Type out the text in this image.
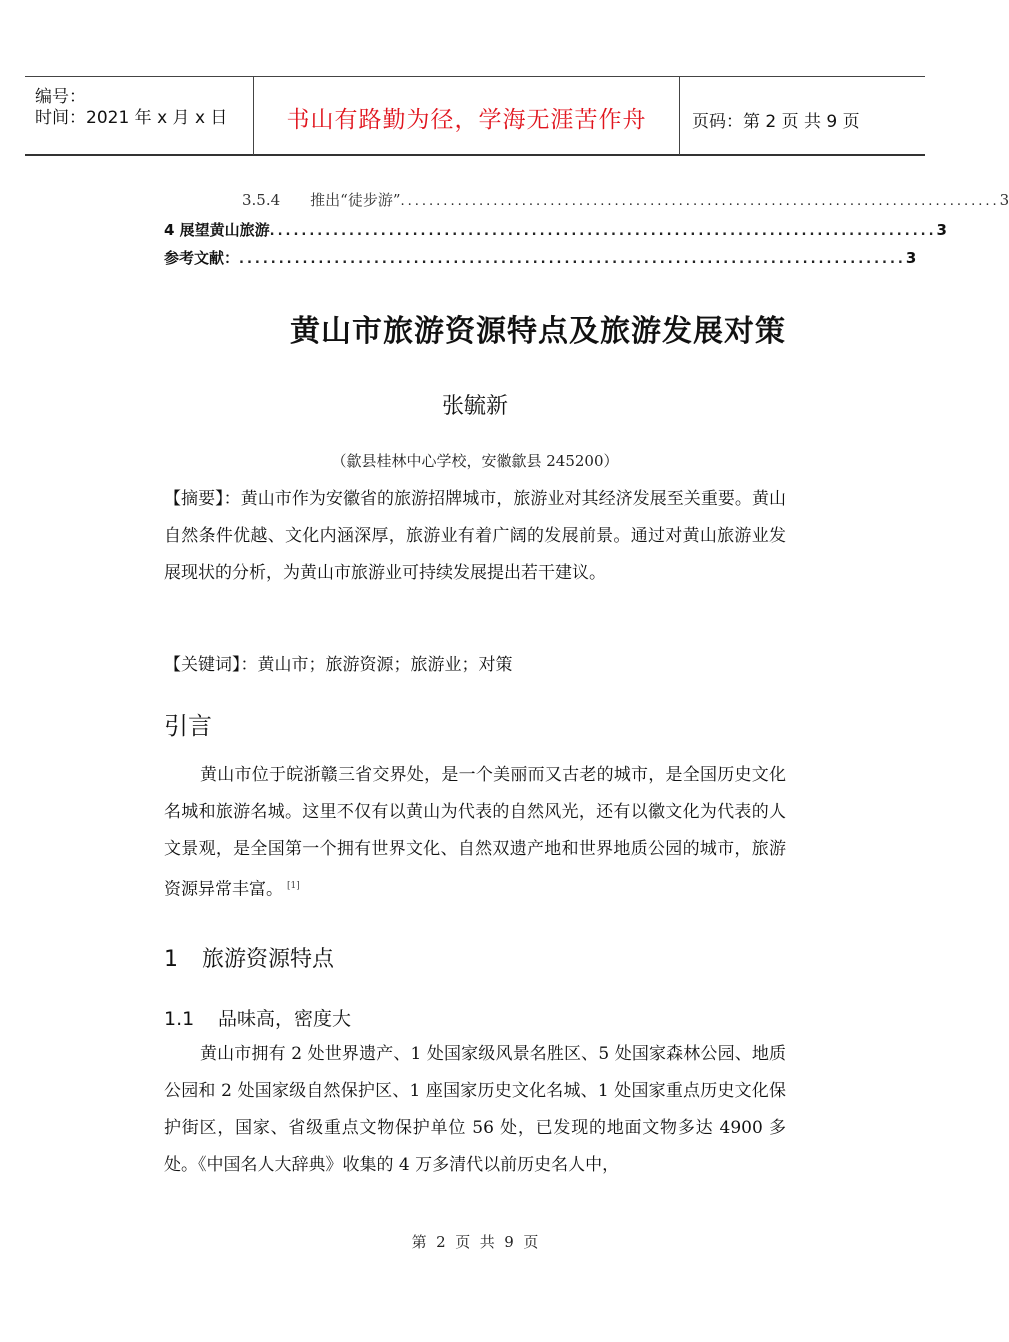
编号：
时间：2021 年 x 月 x 日	书山有路勤为径，学海无涯苦作舟	页码：第 2 页 共 9 页
3.5.4　　推出“徒步游” .................................................................................... 3
4 展望黄山旅游 .................................................................................... 3
参考文献： .................................................................................... 3
黄山市旅游资源特点及旅游发展对策
张毓新
（歙县桂林中心学校，安徽歙县 245200）
【摘要】：黄山市作为安徽省的旅游招牌城市，旅游业对其经济发展至关重要。黄山自然条件优越、文化内涵深厚，旅游业有着广阔的发展前景。通过对黄山旅游业发展现状的分析，为黄山市旅游业可持续发展提出若干建议。
【关键词】：黄山市；旅游资源；旅游业；对策
引言
黄山市位于皖浙赣三省交界处，是一个美丽而又古老的城市，是全国历史文化名城和旅游名城。这里不仅有以黄山为代表的自然风光，还有以徽文化为代表的人文景观，是全国第一个拥有世界文化、自然双遗产地和世界地质公园的城市，旅游资源异常丰富。 [1]
1 旅游资源特点
1.1 品味高，密度大
黄山市拥有 2 处世界遗产、1 处国家级风景名胜区、5 处国家森林公园、地质公园和 2 处国家级自然保护区、1 座国家历史文化名城、1 处国家重点历史文化保护街区，国家、省级重点文物保护单位 56 处，已发现的地面文物多达 4900 多处。《中国名人大辞典》收集的 4 万多清代以前历史名人中，
第  2  页  共  9  页
